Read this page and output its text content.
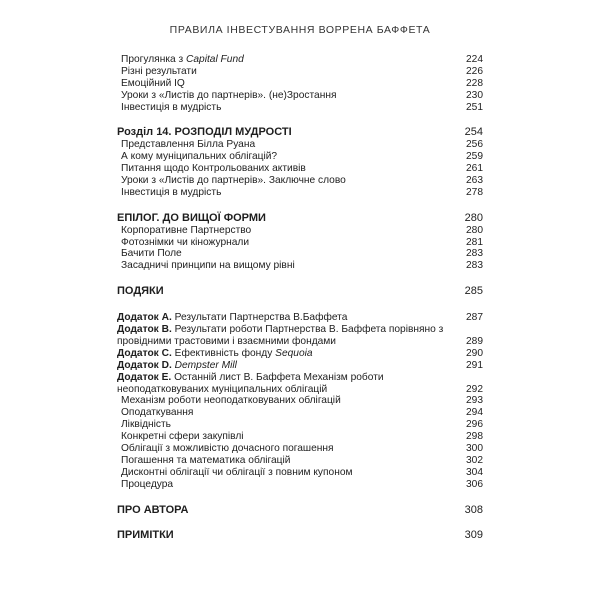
ПРАВИЛА ІНВЕСТУВАННЯ ВОРРЕНА БАФФЕТА
Прогулянка з Capital Fund	224
Різні результати	226
Емоційний IQ	228
Уроки з «Листів до партнерів». (не)Зростання	230
Інвестиція в мудрість	251
Розділ 14. РОЗПОДІЛ МУДРОСТІ	254
Представлення Білла Руана	256
А кому муніципальних облігацій?	259
Питання щодо Контрольованих активів	261
Уроки з «Листів до партнерів». Заключне слово	263
Інвестиція в мудрість	278
ЕПІЛОГ. ДО ВИЩОЇ ФОРМИ	280
Корпоративне Партнерство	280
Фотознімки чи кіножурнали	281
Бачити Поле	283
Засадничі принципи на вищому рівні	283
ПОДЯКИ	285
Додаток А. Результати Партнерства В.Баффета	287
Додаток В. Результати роботи Партнерства В. Баффета порівняно з провідними трастовими і взаємними фондами	289
Додаток С. Ефективність фонду Sequoia	290
Додаток D. Dempster Mill	291
Додаток Е. Останній лист В. Баффета Механізм роботи неоподатковуваних муніципальних облігацій	292
Механізм роботи неоподатковуваних облігацій	293
Оподаткування	294
Ліквідність	296
Конкретні сфери закупівлі	298
Облігації з можливістю дочасного погашення	300
Погашення та математика облігацій	302
Дисконтні облігації чи облігації з повним купоном	304
Процедура	306
ПРО АВТОРА	308
ПРИМІТКИ	309
